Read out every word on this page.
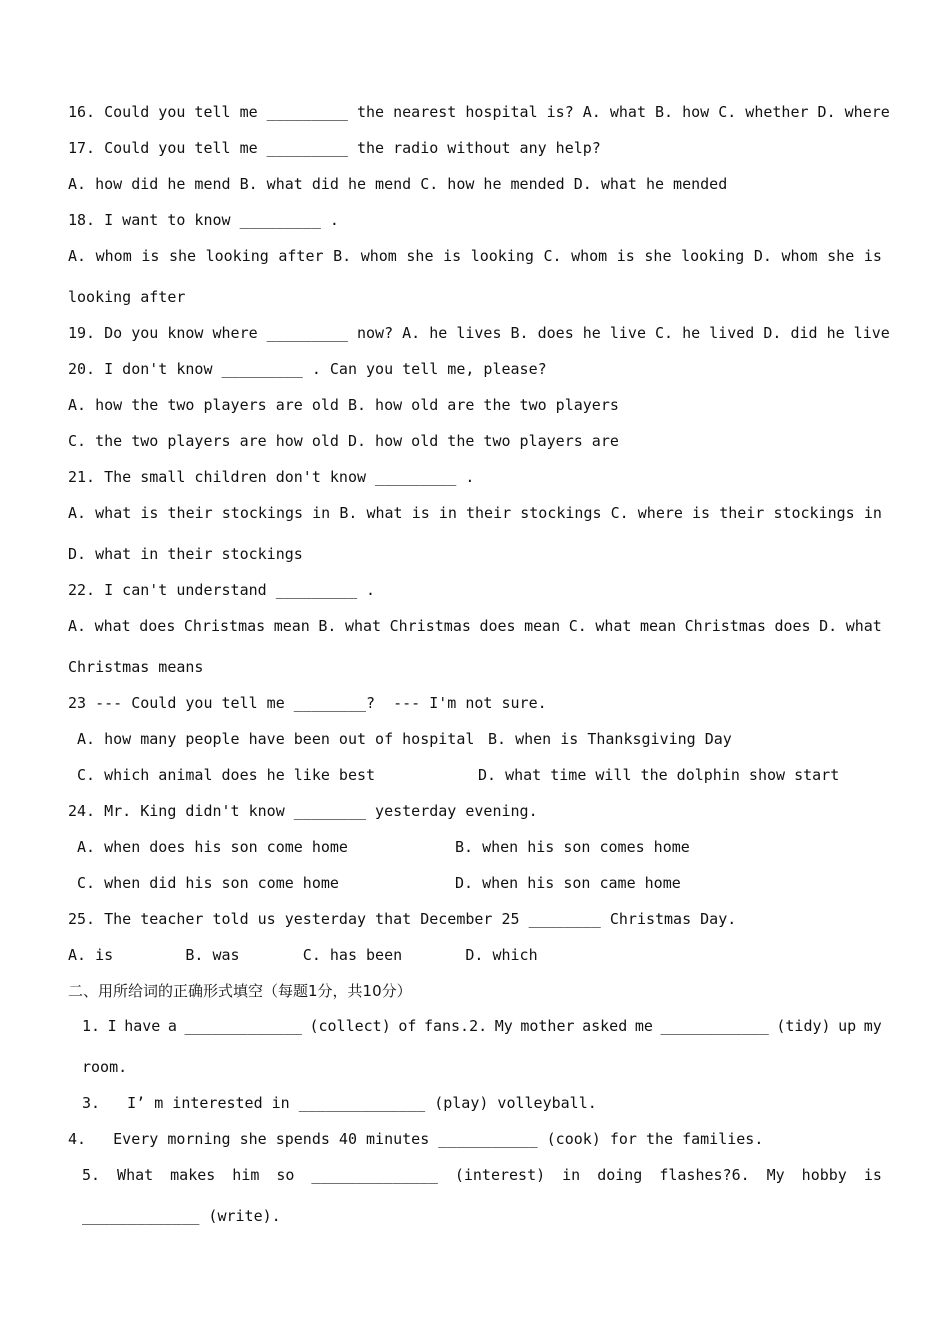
16. Could you tell me _________ the nearest hospital is? A. what B. how C. whether D. where
17. Could you tell me _________ the radio without any help?
A. how did he mend B. what did he mend C. how he mended D. what he mended
18. I want to know _________ .
A. whom is she looking after B. whom she is looking C. whom is she looking D. whom she is
looking after
19. Do you know where _________ now? A. he lives B. does he live C. he lived D. did he live
20. I don't know _________ . Can you tell me, please?
A. how the two players are old B. how old are the two players
C. the two players are how old D. how old the two players are
21. The small children don't know _________ .
A. what is their stockings in B. what is in their stockings C. where is their stockings in
D. what in their stockings
22. I can't understand _________ .
A. what does Christmas mean B. what Christmas does mean C. what mean Christmas does D. what
Christmas means
23 --- Could you tell me ________?  --- I'm not sure.
A. how many people have been out of hospital B. when is Thanksgiving Day
C. which animal does he like best	D. what time will the dolphin show start
24. Mr. King didn't know ________ yesterday evening.
A. when does his son come home	B. when his son comes home
C. when did his son come home	D. when his son came home
25. The teacher told us yesterday that December 25 ________ Christmas Day.
A. is        B. was       C. has been       D. which
二、用所给词的正确形式填空（每题1分，共10分）
1. I have a _____________ (collect) of fans.2. My mother asked me ____________ (tidy) up my
room.
3.   I’ m interested in ______________ (play) volleyball.
4.   Every morning she spends 40 minutes ___________ (cook) for the families.
5. What makes him so ______________ (interest) in doing flashes?6. My hobby is
_____________ (write).
